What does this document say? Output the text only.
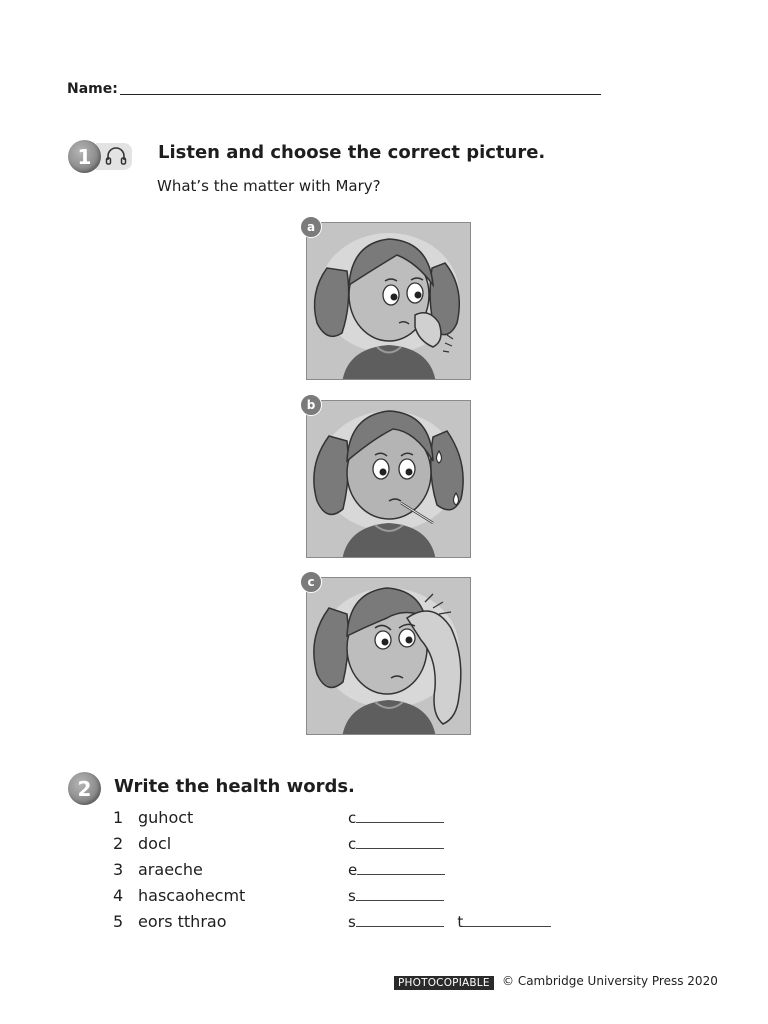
Name:
1	Listen and choose the correct picture.
What’s the matter with Mary?
a
b
c
2	Write the health words.
1 guhoct	c
2 docl	c
3 araeche	e
4 hascaohecmt	s
5 eors tthrao	s	t
PHOTOCOPIABLE	© Cambridge University Press 2020
